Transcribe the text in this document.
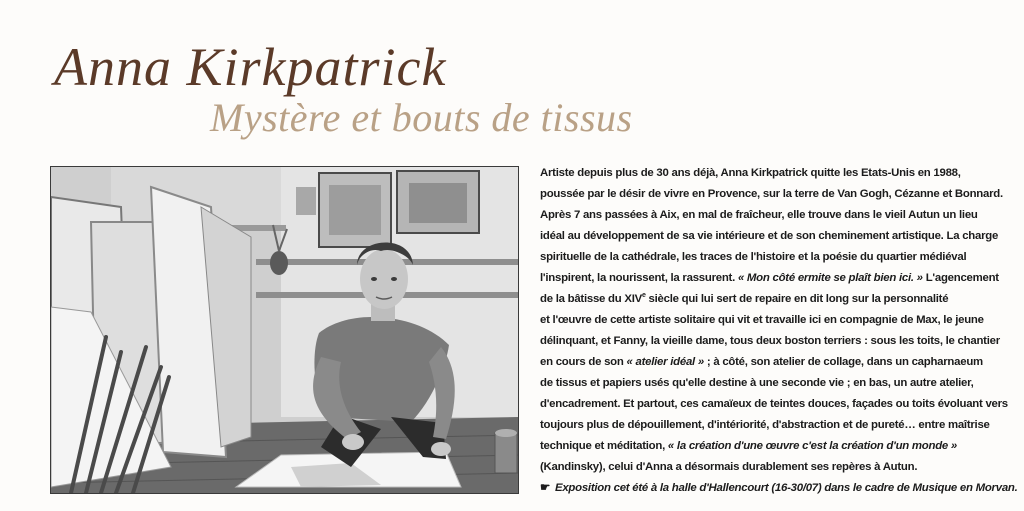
Anna Kirkpatrick
Mystère et bouts de tissus
Artiste depuis plus de 30 ans déjà, Anna Kirkpatrick quitte les Etats-Unis en 1988,
poussée par le désir de vivre en Provence, sur la terre de Van Gogh, Cézanne et Bonnard.
Après 7 ans passées à Aix, en mal de fraîcheur, elle trouve dans le vieil Autun un lieu
idéal au développement de sa vie intérieure et de son cheminement artistique. La charge
spirituelle de la cathédrale, les traces de l'histoire et la poésie du quartier médiéval
l'inspirent, la nourissent, la rassurent. « Mon côté ermite se plaît bien ici. » L'agencement
de la bâtisse du XIVe siècle qui lui sert de repaire en dit long sur la personnalité
et l'œuvre de cette artiste solitaire qui vit et travaille ici en compagnie de Max, le jeune
délinquant, et Fanny, la vieille dame, tous deux boston terriers : sous les toits, le chantier
en cours de son « atelier idéal » ; à côté, son atelier de collage, dans un capharnaeum
de tissus et papiers usés qu'elle destine à une seconde vie ; en bas, un autre atelier,
d'encadrement. Et partout, ces camaïeux de teintes douces, façades ou toits évoluant vers
toujours plus de dépouillement, d'intériorité, d'abstraction et de pureté… entre maîtrise
technique et méditation, « la création d'une œuvre c'est la création d'un monde »
(Kandinsky), celui d'Anna a désormais durablement ses repères à Autun.
☛ Exposition cet été à la halle d'Hallencourt (16-30/07) dans le cadre de Musique en Morvan.
